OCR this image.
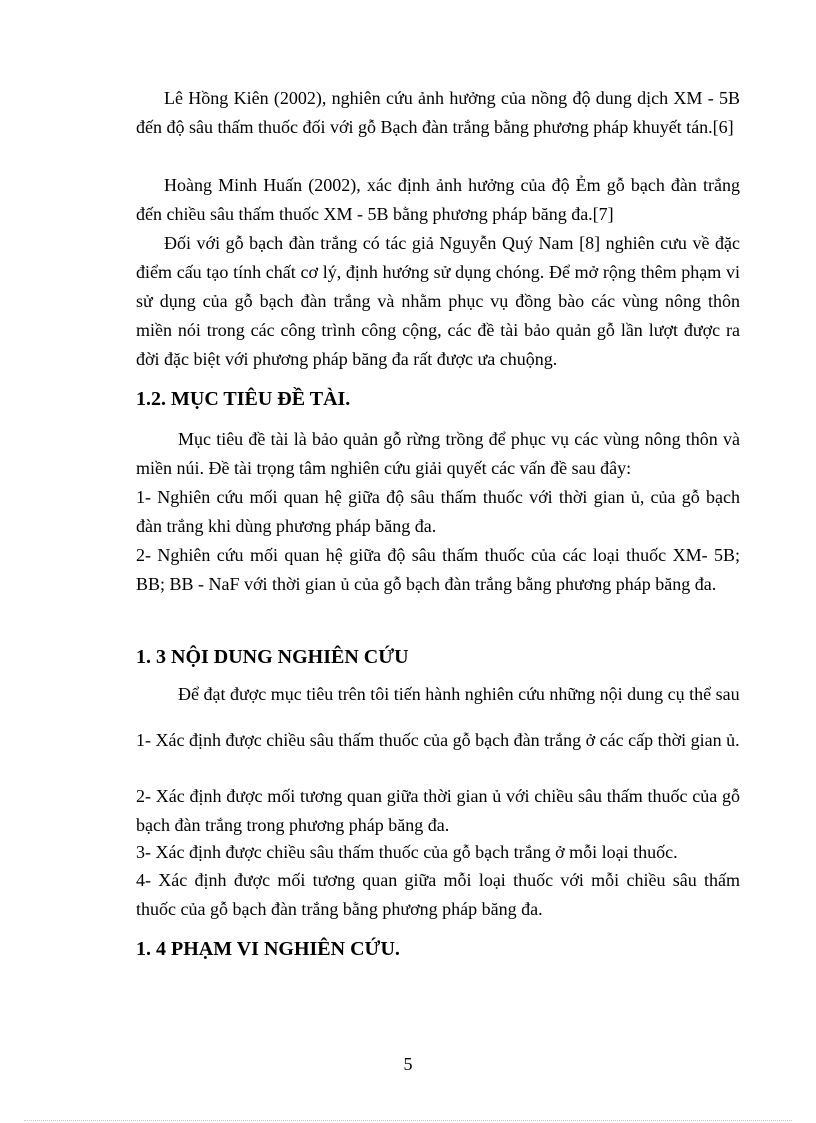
Lê Hồng Kiên (2002), nghiên cứu ảnh hưởng của nồng độ dung dịch XM - 5B đến độ sâu thấm thuốc đối với gỗ Bạch đàn trắng bằng phương pháp khuyết tán.[6]

Hoàng Minh Huấn (2002), xác định ảnh hưởng của độ Ẻm gỗ bạch đàn trắng đến chiều sâu thấm thuốc XM - 5B bằng phương pháp băng đa.[7]

Đối với gỗ bạch đàn trắng có tác giả Nguyễn Quý Nam [8] nghiên cưu về đặc điểm cấu tạo tính chất cơ lý, định hướng sử dụng chóng. Để mở rộng thêm phạm vi sử dụng của gỗ bạch đàn trắng và nhằm phục vụ đồng bào các vùng nông thôn miền nói trong các công trình công cộng, các đề tài bảo quản gỗ lần lượt được ra đời đặc biệt với phương pháp băng đa rất được ưa chuộng.

1.2. MỤC TIÊU ĐỀ TÀI.

Mục tiêu đề tài là bảo quản gỗ rừng trồng để phục vụ các vùng nông thôn và miền núi. Đề tài trọng tâm nghiên cứu giải quyết các vấn đề sau đây:

1- Nghiên cứu mối quan hệ giữa độ sâu thấm thuốc với thời gian ủ, của gỗ bạch đàn trắng khi dùng phương pháp băng đa.

2- Nghiên cứu mối quan hệ giữa độ sâu thấm thuốc của các loại thuốc XM- 5B; BB; BB - NaF với thời gian ủ của gỗ bạch đàn trắng bằng phương pháp băng đa.

1. 3 NỘI DUNG NGHIÊN CỨU

Để đạt được mục tiêu trên tôi tiến hành nghiên cứu những nội dung cụ thể sau

1- Xác định được chiều sâu thấm thuốc của gỗ bạch đàn trắng ở các cấp thời gian ủ.

2- Xác định được mối tương quan giữa thời gian ủ với chiều sâu thấm thuốc của gỗ bạch đàn trắng trong phương pháp băng đa.

3- Xác định được chiều sâu thấm thuốc của gỗ bạch trắng ở mỗi loại thuốc.

4- Xác định được mối tương quan giữa mỗi loại thuốc với mỗi chiều sâu thấm thuốc của gỗ bạch đàn trắng bằng phương pháp băng đa.

1. 4 PHẠM VI NGHIÊN CỨU.
5
